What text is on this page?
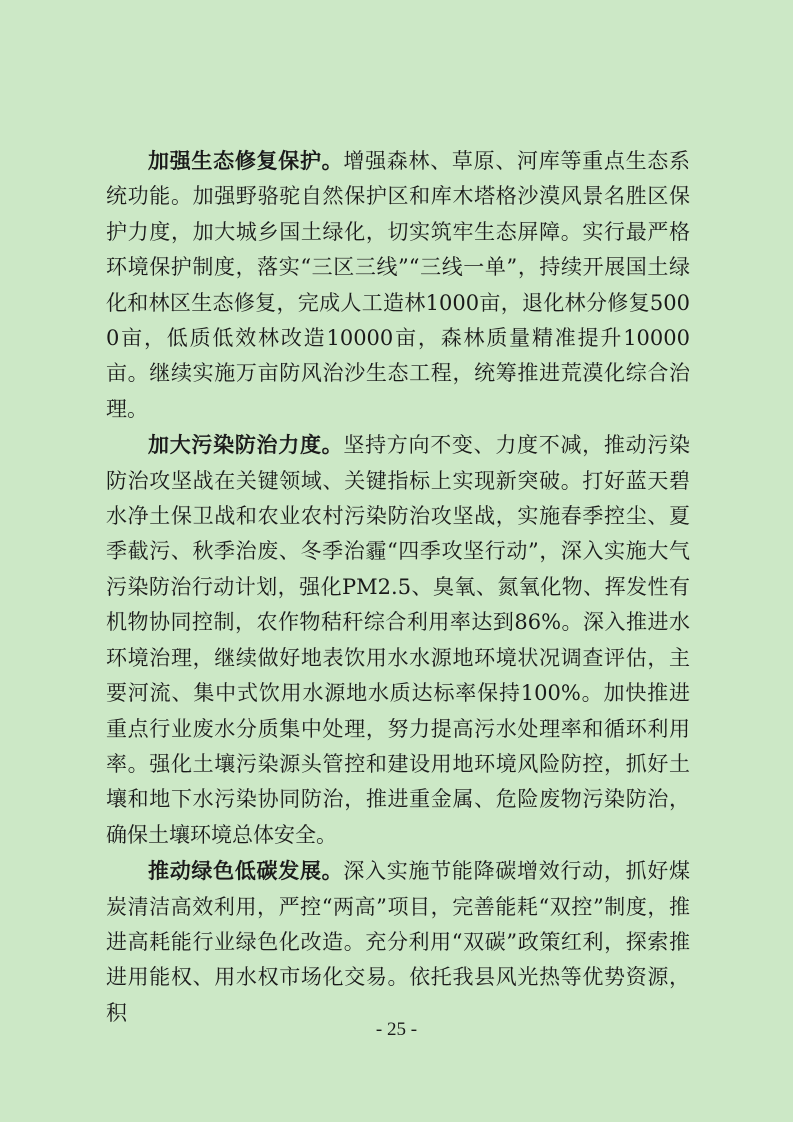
加强生态修复保护。增强森林、草原、河库等重点生态系统功能。加强野骆驼自然保护区和库木塔格沙漠风景名胜区保护力度，加大城乡国土绿化，切实筑牢生态屏障。实行最严格环境保护制度，落实“三区三线”“三线一单”，持续开展国土绿化和林区生态修复，完成人工造林1000亩，退化林分修复5000亩，低质低效林改造10000亩，森林质量精准提升10000亩。继续实施万亩防风治沙生态工程，统筹推进荒漠化综合治理。

加大污染防治力度。坚持方向不变、力度不减，推动污染防治攻坚战在关键领域、关键指标上实现新突破。打好蓝天碧水净土保卫战和农业农村污染防治攻坚战，实施春季控尘、夏季截污、秋季治废、冬季治霾“四季攻坚行动”，深入实施大气污染防治行动计划，强化PM2.5、臭氧、氮氧化物、挥发性有机物协同控制，农作物秸秆综合利用率达到86%。深入推进水环境治理，继续做好地表饮用水水源地环境状况调查评估，主要河流、集中式饮用水源地水质达标率保持100%。加快推进重点行业废水分质集中处理，努力提高污水处理率和循环利用率。强化土壤污染源头管控和建设用地环境风险防控，抓好土壤和地下水污染协同防治，推进重金属、危险废物污染防治，确保土壤环境总体安全。

推动绿色低碳发展。深入实施节能降碳增效行动，抓好煤炭清洁高效利用，严控“两高”项目，完善能耗“双控”制度，推进高耗能行业绿色化改造。充分利用“双碳”政策红利，探索推进用能权、用水权市场化交易。依托我县风光热等优势资源，积

- 25 -
